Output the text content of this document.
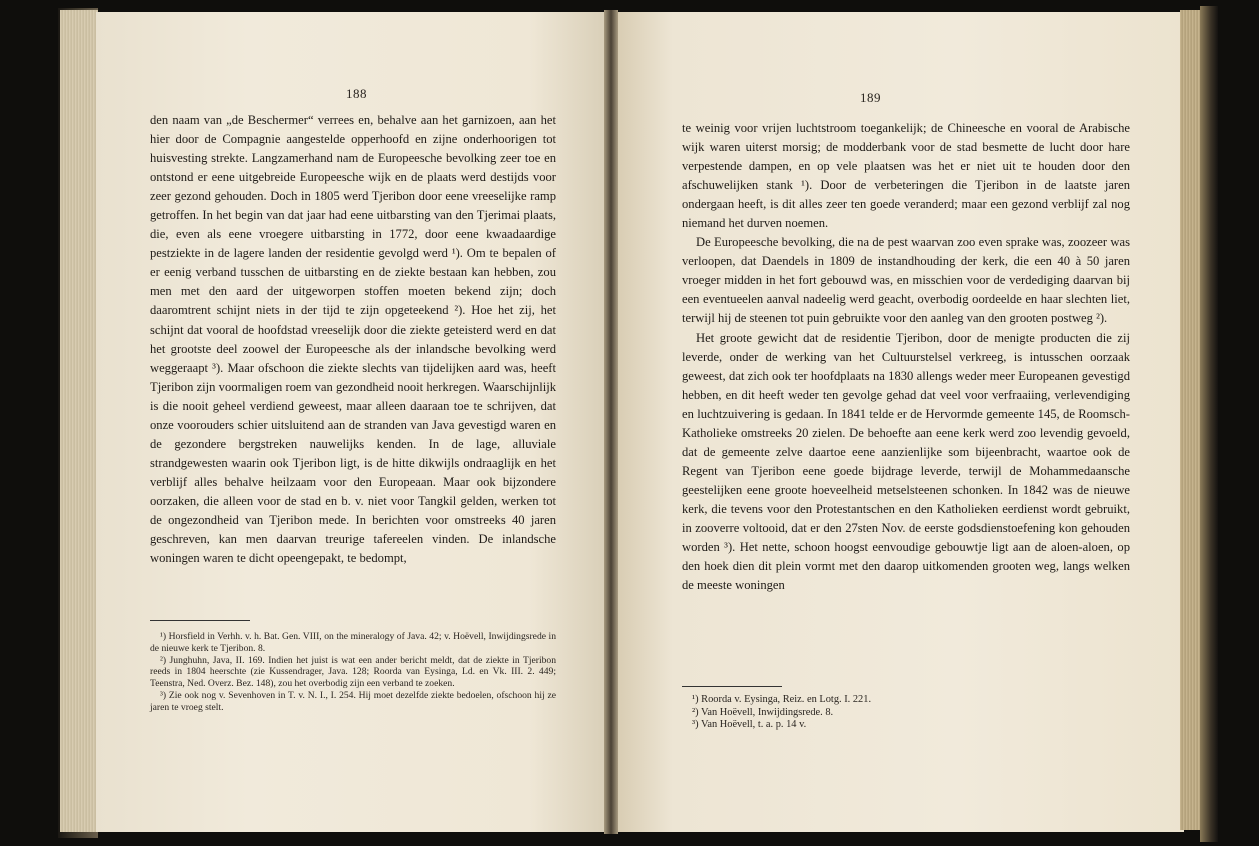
188

den naam van „de Beschermer“ verrees en, behalve aan het garnizoen, aan het hier door de Compagnie aangestelde opperhoofd en zijne onderhoorigen tot huisvesting strekte. Langzamerhand nam de Europeesche bevolking zeer toe en ontstond er eene uitgebreide Europeesche wijk en de plaats werd destijds voor zeer gezond gehouden. Doch in 1805 werd Tjeribon door eene vreeselijke ramp getroffen. In het begin van dat jaar had eene uitbarsting van den Tjerimai plaats, die, even als eene vroegere uitbarsting in 1772, door eene kwaadaardige pestziekte in de lagere landen der residentie gevolgd werd ¹). Om te bepalen of er eenig verband tusschen de uitbarsting en de ziekte bestaan kan hebben, zou men met den aard der uitgeworpen stoffen moeten bekend zijn; doch daaromtrent schijnt niets in der tijd te zijn opgeteekend ²). Hoe het zij, het schijnt dat vooral de hoofdstad vreeselijk door die ziekte geteisterd werd en dat het grootste deel zoowel der Europeesche als der inlandsche bevolking werd weggeraapt ³). Maar ofschoon die ziekte slechts van tijdelijken aard was, heeft Tjeribon zijn voormaligen roem van gezondheid nooit herkregen. Waarschijnlijk is die nooit geheel verdiend geweest, maar alleen daaraan toe te schrijven, dat onze voorouders schier uitsluitend aan de stranden van Java gevestigd waren en de gezondere bergstreken nauwelijks kenden. In de lage, alluviale strandgewesten waarin ook Tjeribon ligt, is de hitte dikwijls ondraaglijk en het verblijf alles behalve heilzaam voor den Europeaan. Maar ook bijzondere oorzaken, die alleen voor de stad en b. v. niet voor Tangkil gelden, werken tot de ongezondheid van Tjeribon mede. In berichten voor omstreeks 40 jaren geschreven, kan men daarvan treurige tafereelen vinden. De inlandsche woningen waren te dicht opeengepakt, te bedompt,

¹) Horsfield in Verhh. v. h. Bat. Gen. VIII, on the mineralogy of Java. 42; v. Hoëvell, Inwijdingsrede in de nieuwe kerk te Tjeribon. 8.
²) Junghuhn, Java, II. 169. Indien het juist is wat een ander bericht meldt, dat de ziekte in Tjeribon reeds in 1804 heerschte (zie Kussendrager, Java. 128; Roorda van Eysinga, Ld. en Vk. III. 2. 449; Teenstra, Ned. Overz. Bez. 148), zou het overbodig zijn een verband te zoeken.
³) Zie ook nog v. Sevenhoven in T. v. N. I., I. 254. Hij moet dezelfde ziekte bedoelen, ofschoon hij ze jaren te vroeg stelt.
189

te weinig voor vrijen luchtstroom toegankelijk; de Chineesche en vooral de Arabische wijk waren uiterst morsig; de modderbank voor de stad besmette de lucht door hare verpestende dampen, en op vele plaatsen was het er niet uit te houden door den afschuwelijken stank ¹). Door de verbeteringen die Tjeribon in de laatste jaren ondergaan heeft, is dit alles zeer ten goede veranderd; maar een gezond verblijf zal nog niemand het durven noemen.

De Europeesche bevolking, die na de pest waarvan zoo even sprake was, zoozeer was verloopen, dat Daendels in 1809 de instandhouding der kerk, die een 40 à 50 jaren vroeger midden in het fort gebouwd was, en misschien voor de verdediging daarvan bij een eventueelen aanval nadeelig werd geacht, overbodig oordeelde en haar slechten liet, terwijl hij de steenen tot puin gebruikte voor den aanleg van den grooten postweg ²).

Het groote gewicht dat de residentie Tjeribon, door de menigte producten die zij leverde, onder de werking van het Cultuurstelsel verkreeg, is intusschen oorzaak geweest, dat zich ook ter hoofdplaats na 1830 allengs weder meer Europeanen gevestigd hebben, en dit heeft weder ten gevolge gehad dat veel voor verfraaiing, verlevendiging en luchtzuivering is gedaan. In 1841 telde er de Hervormde gemeente 145, de Roomsch-Katholieke omstreeks 20 zielen. De behoefte aan eene kerk werd zoo levendig gevoeld, dat de gemeente zelve daartoe eene aanzienlijke som bijeenbracht, waartoe ook de Regent van Tjeribon eene goede bijdrage leverde, terwijl de Mohammedaansche geestelijken eene groote hoeveelheid metselsteenen schonken. In 1842 was de nieuwe kerk, die tevens voor den Protestantschen en den Katholieken eerdienst wordt gebruikt, in zooverre voltooid, dat er den 27sten Nov. de eerste godsdienstoefening kon gehouden worden ³). Het nette, schoon hoogst eenvoudige gebouwtje ligt aan de aloen-aloen, op den hoek dien dit plein vormt met den daarop uitkomenden grooten weg, langs welken de meeste woningen

¹) Roorda v. Eysinga, Reiz. en Lotg. I. 221.
²) Van Hoëvell, Inwijdingsrede. 8.
³) Van Hoëvell, t. a. p. 14 v.
